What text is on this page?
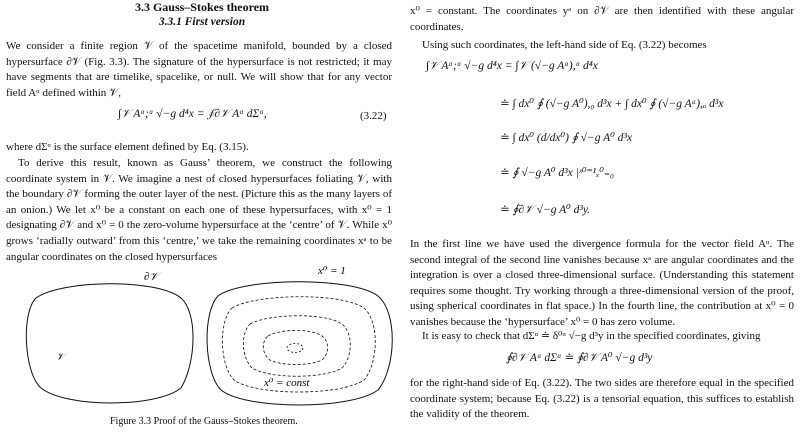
3.3 Gauss–Stokes theorem
3.3.1 First version

We consider a finite region 𝒱 of the spacetime manifold, bounded by a closed hypersurface ∂𝒱 (Fig. 3.3). The signature of the hypersurface is not restricted; it may have segments that are timelike, spacelike, or null. We will show that for any vector field Aᵅ defined within 𝒱,

∫𝒱 Aᵅ;ᵅ √−g d⁴x = ∮∂𝒱 Aᵅ dΣᵅ,	(3.22)

where dΣᵅ is the surface element defined by Eq. (3.15).

To derive this result, known as Gauss’ theorem, we construct the following coordinate system in 𝒱. We imagine a nest of closed hypersurfaces foliating 𝒱, with the boundary ∂𝒱 forming the outer layer of the nest. (Picture this as the many layers of an onion.) We let x⁰ be a constant on each one of these hypersurfaces, with x⁰ = 1 designating ∂𝒱 and x⁰ = 0 the zero-volume hypersurface at the ‘centre’ of 𝒱. While x⁰ grows ‘radially outward’ from this ‘centre,’ we take the remaining coordinates xᵃ to be angular coordinates on the closed hypersurfaces

∂𝒱
𝒱
x⁰ = 1
x⁰ = const
Figure 3.3 Proof of the Gauss–Stokes theorem.

x⁰ = constant. The coordinates yᵃ on ∂𝒱 are then identified with these angular coordinates.

Using such coordinates, the left-hand side of Eq. (3.22) becomes

∫𝒱 Aᵅ;ᵅ √−g d⁴x = ∫𝒱 (√−g Aᵅ),ᵅ d⁴x
≐ ∫ dx⁰ ∮ (√−g A⁰),₀ d³x + ∫ dx⁰ ∮ (√−g Aᵃ),ₐ d³x
≐ ∫ dx⁰ (d/dx⁰) ∮ √−g A⁰ d³x
≐ ∮ √−g A⁰ d³x |ˣ⁰⁼¹ₓ⁰₌₀
≐ ∮∂𝒱 √−g A⁰ d³y.

In the first line we have used the divergence formula for the vector field Aᵅ. The second integral of the second line vanishes because xᵃ are angular coordinates and the integration is over a closed three-dimensional surface. (Understanding this statement requires some thought. Try working through a three-dimensional version of the proof, using spherical coordinates in flat space.) In the fourth line, the contribution at x⁰ = 0 vanishes because the ‘hypersurface’ x⁰ = 0 has zero volume.

It is easy to check that dΣᵅ ≐ δ⁰ᵅ √−g d³y in the specified coordinates, giving

∮∂𝒱 Aᵅ dΣᵅ ≐ ∮∂𝒱 A⁰ √−g d³y

for the right-hand side of Eq. (3.22). The two sides are therefore equal in the specified coordinate system; because Eq. (3.22) is a tensorial equation, this suffices to establish the validity of the theorem.
